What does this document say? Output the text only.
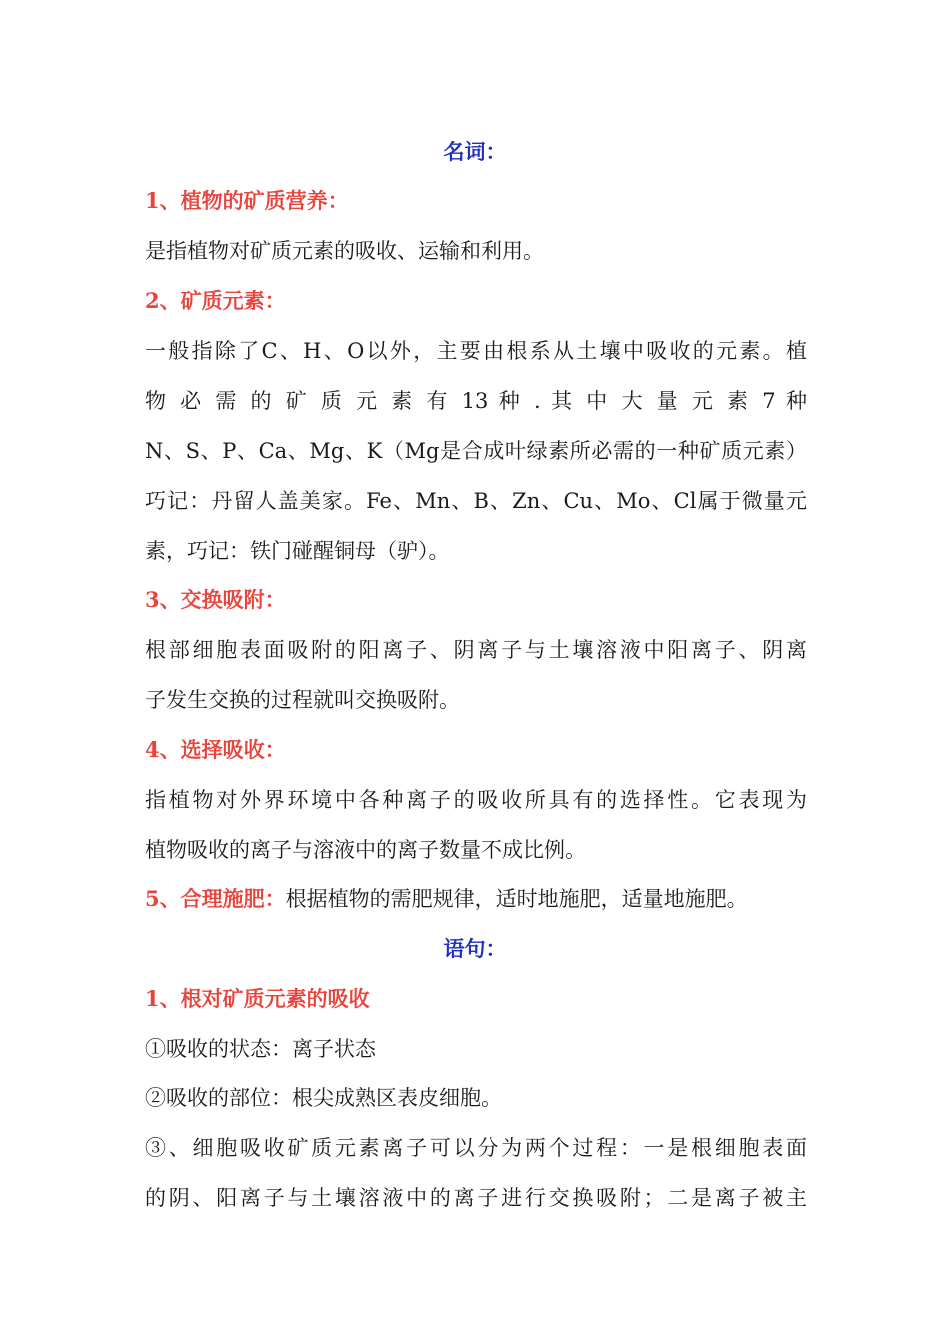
名词：
1、植物的矿质营养：
是指植物对矿质元素的吸收、运输和利用。
2、矿质元素：
一般指除了C、H、O以外，主要由根系从土壤中吸收的元素。植
物 必 需 的 矿 质 元 素 有 13 种 . 其 中 大 量 元 素 7 种
N、S、P、Ca、Mg、K（Mg是合成叶绿素所必需的一种矿质元素）
巧记：丹留人盖美家。Fe、Mn、B、Zn、Cu、Mo、Cl属于微量元
素，巧记：铁门碰醒铜母（驴）。
3、交换吸附：
根部细胞表面吸附的阳离子、阴离子与土壤溶液中阳离子、阴离
子发生交换的过程就叫交换吸附。
4、选择吸收：
指植物对外界环境中各种离子的吸收所具有的选择性。它表现为
植物吸收的离子与溶液中的离子数量不成比例。
5、合理施肥：根据植物的需肥规律，适时地施肥，适量地施肥。
语句：
1、根对矿质元素的吸收
①吸收的状态：离子状态
②吸收的部位：根尖成熟区表皮细胞。
③、细胞吸收矿质元素离子可以分为两个过程：一是根细胞表面
的阴、阳离子与土壤溶液中的离子进行交换吸附；二是离子被主
